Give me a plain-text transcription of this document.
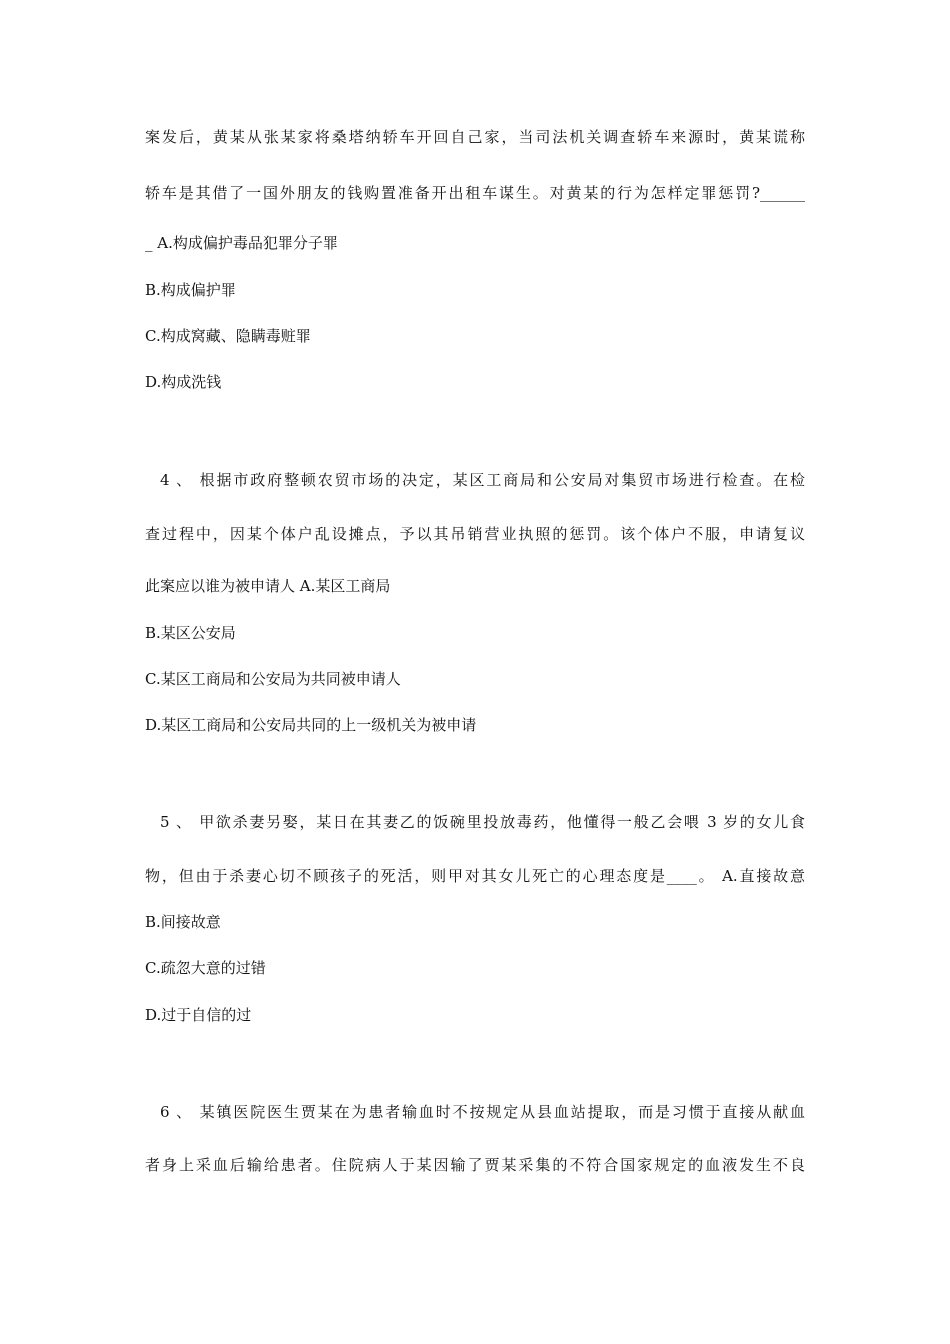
案发后，黄某从张某家将桑塔纳轿车开回自己家，当司法机关调查轿车来源时，黄某谎称
轿车是其借了一国外朋友的钱购置准备开出租车谋生。对黄某的行为怎样定罪惩罚?______
_ A.构成偏护毒品犯罪分子罪
B.构成偏护罪
C.构成窝藏、隐瞒毒赃罪
D.构成洗钱
4 、 根据市政府整顿农贸市场的决定，某区工商局和公安局对集贸市场进行检查。在检
查过程中，因某个体户乱设摊点，予以其吊销营业执照的惩罚。该个体户不服，申请复议
此案应以谁为被申请人 A.某区工商局
B.某区公安局
C.某区工商局和公安局为共同被申请人
D.某区工商局和公安局共同的上一级机关为被申请
5 、 甲欲杀妻另娶，某日在其妻乙的饭碗里投放毒药，他懂得一般乙会喂 3 岁的女儿食
物，但由于杀妻心切不顾孩子的死活，则甲对其女儿死亡的心理态度是____。 A.直接故意
B.间接故意
C.疏忽大意的过错
D.过于自信的过
6 、 某镇医院医生贾某在为患者输血时不按规定从县血站提取，而是习惯于直接从献血
者身上采血后输给患者。住院病人于某因输了贾某采集的不符合国家规定的血液发生不良
